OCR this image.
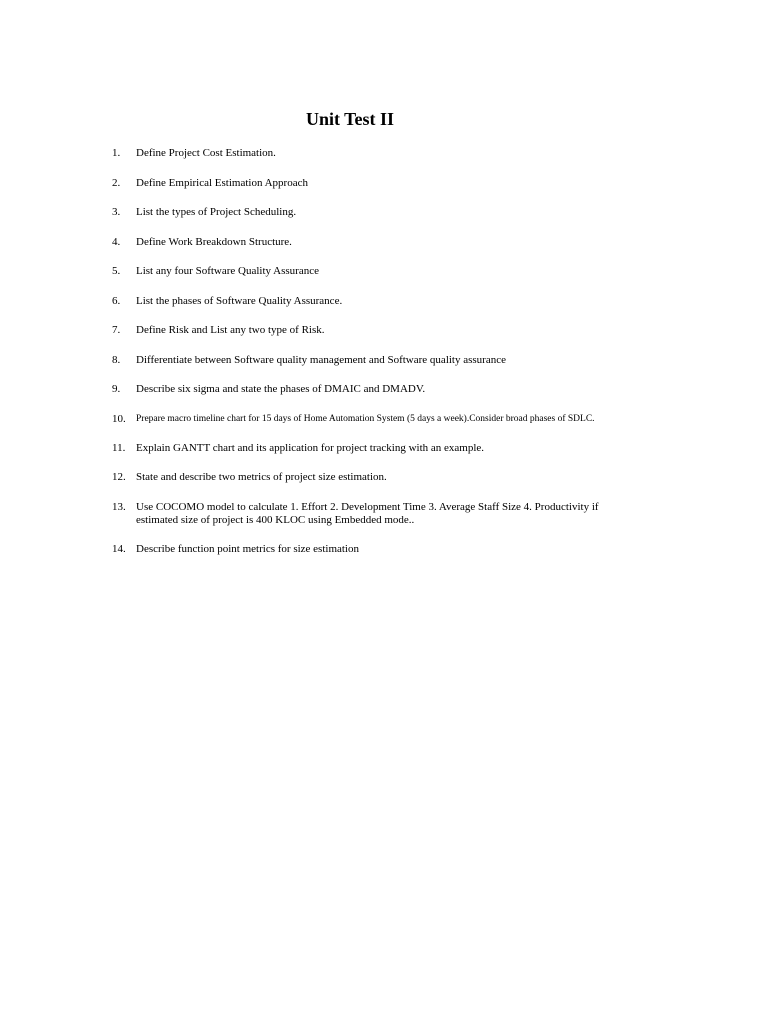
Unit Test II
1. Define Project Cost Estimation.
2. Define Empirical Estimation Approach
3. List the types of Project Scheduling.
4. Define Work Breakdown Structure.
5. List any four Software Quality Assurance
6. List the phases of Software Quality Assurance.
7. Define Risk and List any two type of Risk.
8. Differentiate between Software quality management and Software quality assurance
9. Describe six sigma and state the phases of DMAIC and DMADV.
10. Prepare macro timeline chart for 15 days of Home Automation System (5 days a week).Consider broad phases of SDLC.
11. Explain GANTT chart and its application for project tracking with an example.
12. State and describe two metrics of project size estimation.
13. Use COCOMO model to calculate 1. Effort 2. Development Time 3. Average Staff Size 4. Productivity if estimated size of project is 400 KLOC using Embedded mode..
14. Describe function point metrics for size estimation
